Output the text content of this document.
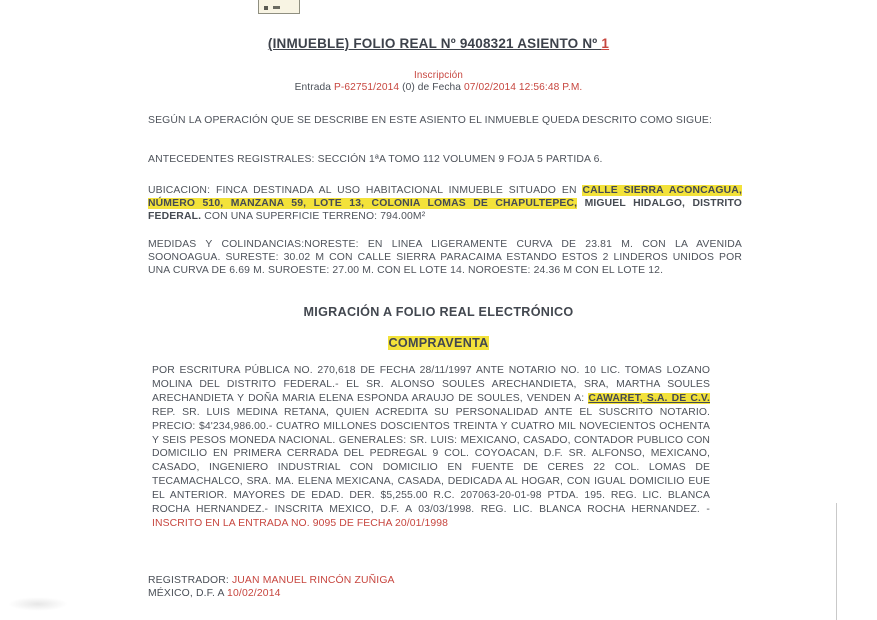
(INMUEBLE) FOLIO REAL Nº 9408321 ASIENTO Nº 1
Inscripción
Entrada P-62751/2014 (0) de Fecha 07/02/2014 12:56:48 P.M.
SEGÚN LA OPERACIÓN QUE SE DESCRIBE EN ESTE ASIENTO EL INMUEBLE QUEDA DESCRITO COMO SIGUE:
ANTECEDENTES REGISTRALES: SECCIÓN 1ªA TOMO 112 VOLUMEN 9 FOJA 5 PARTIDA 6.
UBICACION: FINCA DESTINADA AL USO HABITACIONAL INMUEBLE SITUADO EN CALLE SIERRA ACONCAGUA, NÚMERO 510, MANZANA 59, LOTE 13, COLONIA LOMAS DE CHAPULTEPEC, MIGUEL HIDALGO, DISTRITO FEDERAL. CON UNA SUPERFICIE TERRENO: 794.00M²
MEDIDAS Y COLINDANCIAS:NORESTE: EN LINEA LIGERAMENTE CURVA DE 23.81 M. CON LA AVENIDA SOONOAGUA. SURESTE: 30.02 M CON CALLE SIERRA PARACAIMA ESTANDO ESTOS 2 LINDEROS UNIDOS POR UNA CURVA DE 6.69 M. SUROESTE: 27.00 M. CON EL LOTE 14. NOROESTE: 24.36 M CON EL LOTE 12.
MIGRACIÓN A FOLIO REAL ELECTRÓNICO
COMPRAVENTA
POR ESCRITURA PÚBLICA NO. 270,618 DE FECHA 28/11/1997 ANTE NOTARIO NO. 10 LIC. TOMAS LOZANO MOLINA DEL DISTRITO FEDERAL.- EL SR. ALONSO SOULES ARECHANDIETA, SRA, MARTHA SOULES ARECHANDIETA Y DOÑA MARIA ELENA ESPONDA ARAUJO DE SOULES, VENDEN A: CAWARET, S.A. DE C.V. REP. SR. LUIS MEDINA RETANA, QUIEN ACREDITA SU PERSONALIDAD ANTE EL SUSCRITO NOTARIO. PRECIO: $4'234,986.00.- CUATRO MILLONES DOSCIENTOS TREINTA Y CUATRO MIL NOVECIENTOS OCHENTA Y SEIS PESOS MONEDA NACIONAL. GENERALES: SR. LUIS: MEXICANO, CASADO, CONTADOR PUBLICO CON DOMICILIO EN PRIMERA CERRADA DEL PEDREGAL 9 COL. COYOACAN, D.F. SR. ALFONSO, MEXICANO, CASADO, INGENIERO INDUSTRIAL CON DOMICILIO EN FUENTE DE CERES 22 COL. LOMAS DE TECAMACHALCO, SRA. MA. ELENA MEXICANA, CASADA, DEDICADA AL HOGAR, CON IGUAL DOMICILIO EUE EL ANTERIOR. MAYORES DE EDAD. DER. $5,255.00 R.C. 207063-20-01-98 PTDA. 195. REG. LIC. BLANCA ROCHA HERNANDEZ.- INSCRITA MEXICO, D.F. A 03/03/1998. REG. LIC. BLANCA ROCHA HERNANDEZ. - INSCRITO EN LA ENTRADA NO. 9095 DE FECHA 20/01/1998
REGISTRADOR: JUAN MANUEL RINCÓN ZUÑIGA
MÉXICO, D.F. A 10/02/2014
